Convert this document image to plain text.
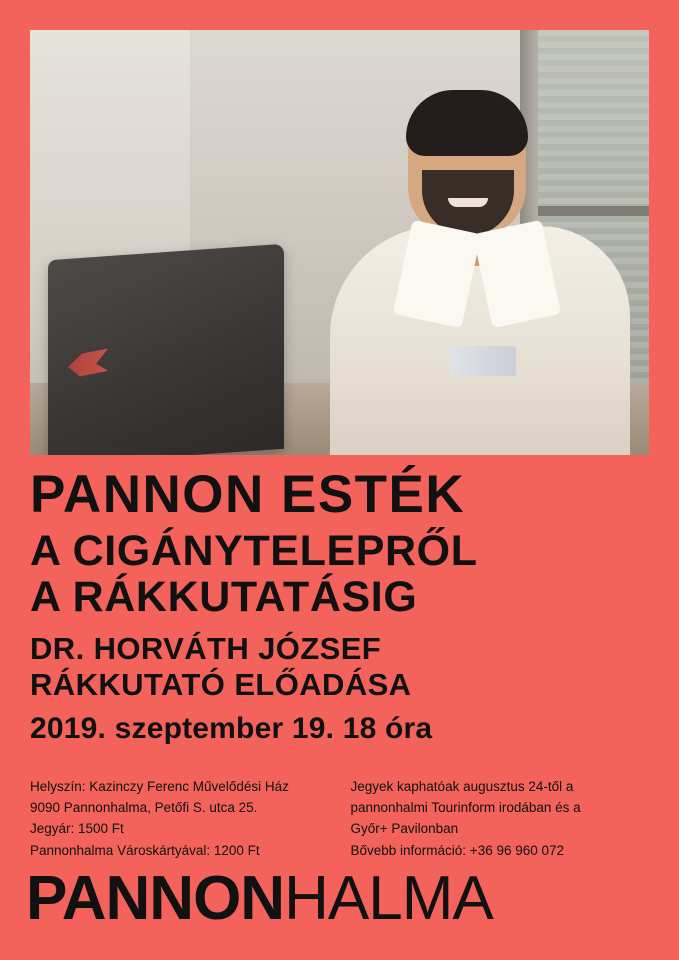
PANNON ESTÉK
A CIGÁNYTELEPRŐL
A RÁKKUTATÁSIG
DR. HORVÁTH JÓZSEF
RÁKKUTATÓ ELŐADÁSA

2019. szeptember 19. 18 óra

Helyszín: Kazinczy Ferenc Művelődési Ház

9090 Pannonhalma, Petőfi S. utca 25.

Jegyár: 1500 Ft

Pannonhalma Városkártyával: 1200 Ft

Jegyek kaphatóak augusztus 24-től a

pannonhalmi Tourinform irodában és a

Győr+ Pavilonban

Bővebb információ: +36 96 960 072

PANNONHALMA
